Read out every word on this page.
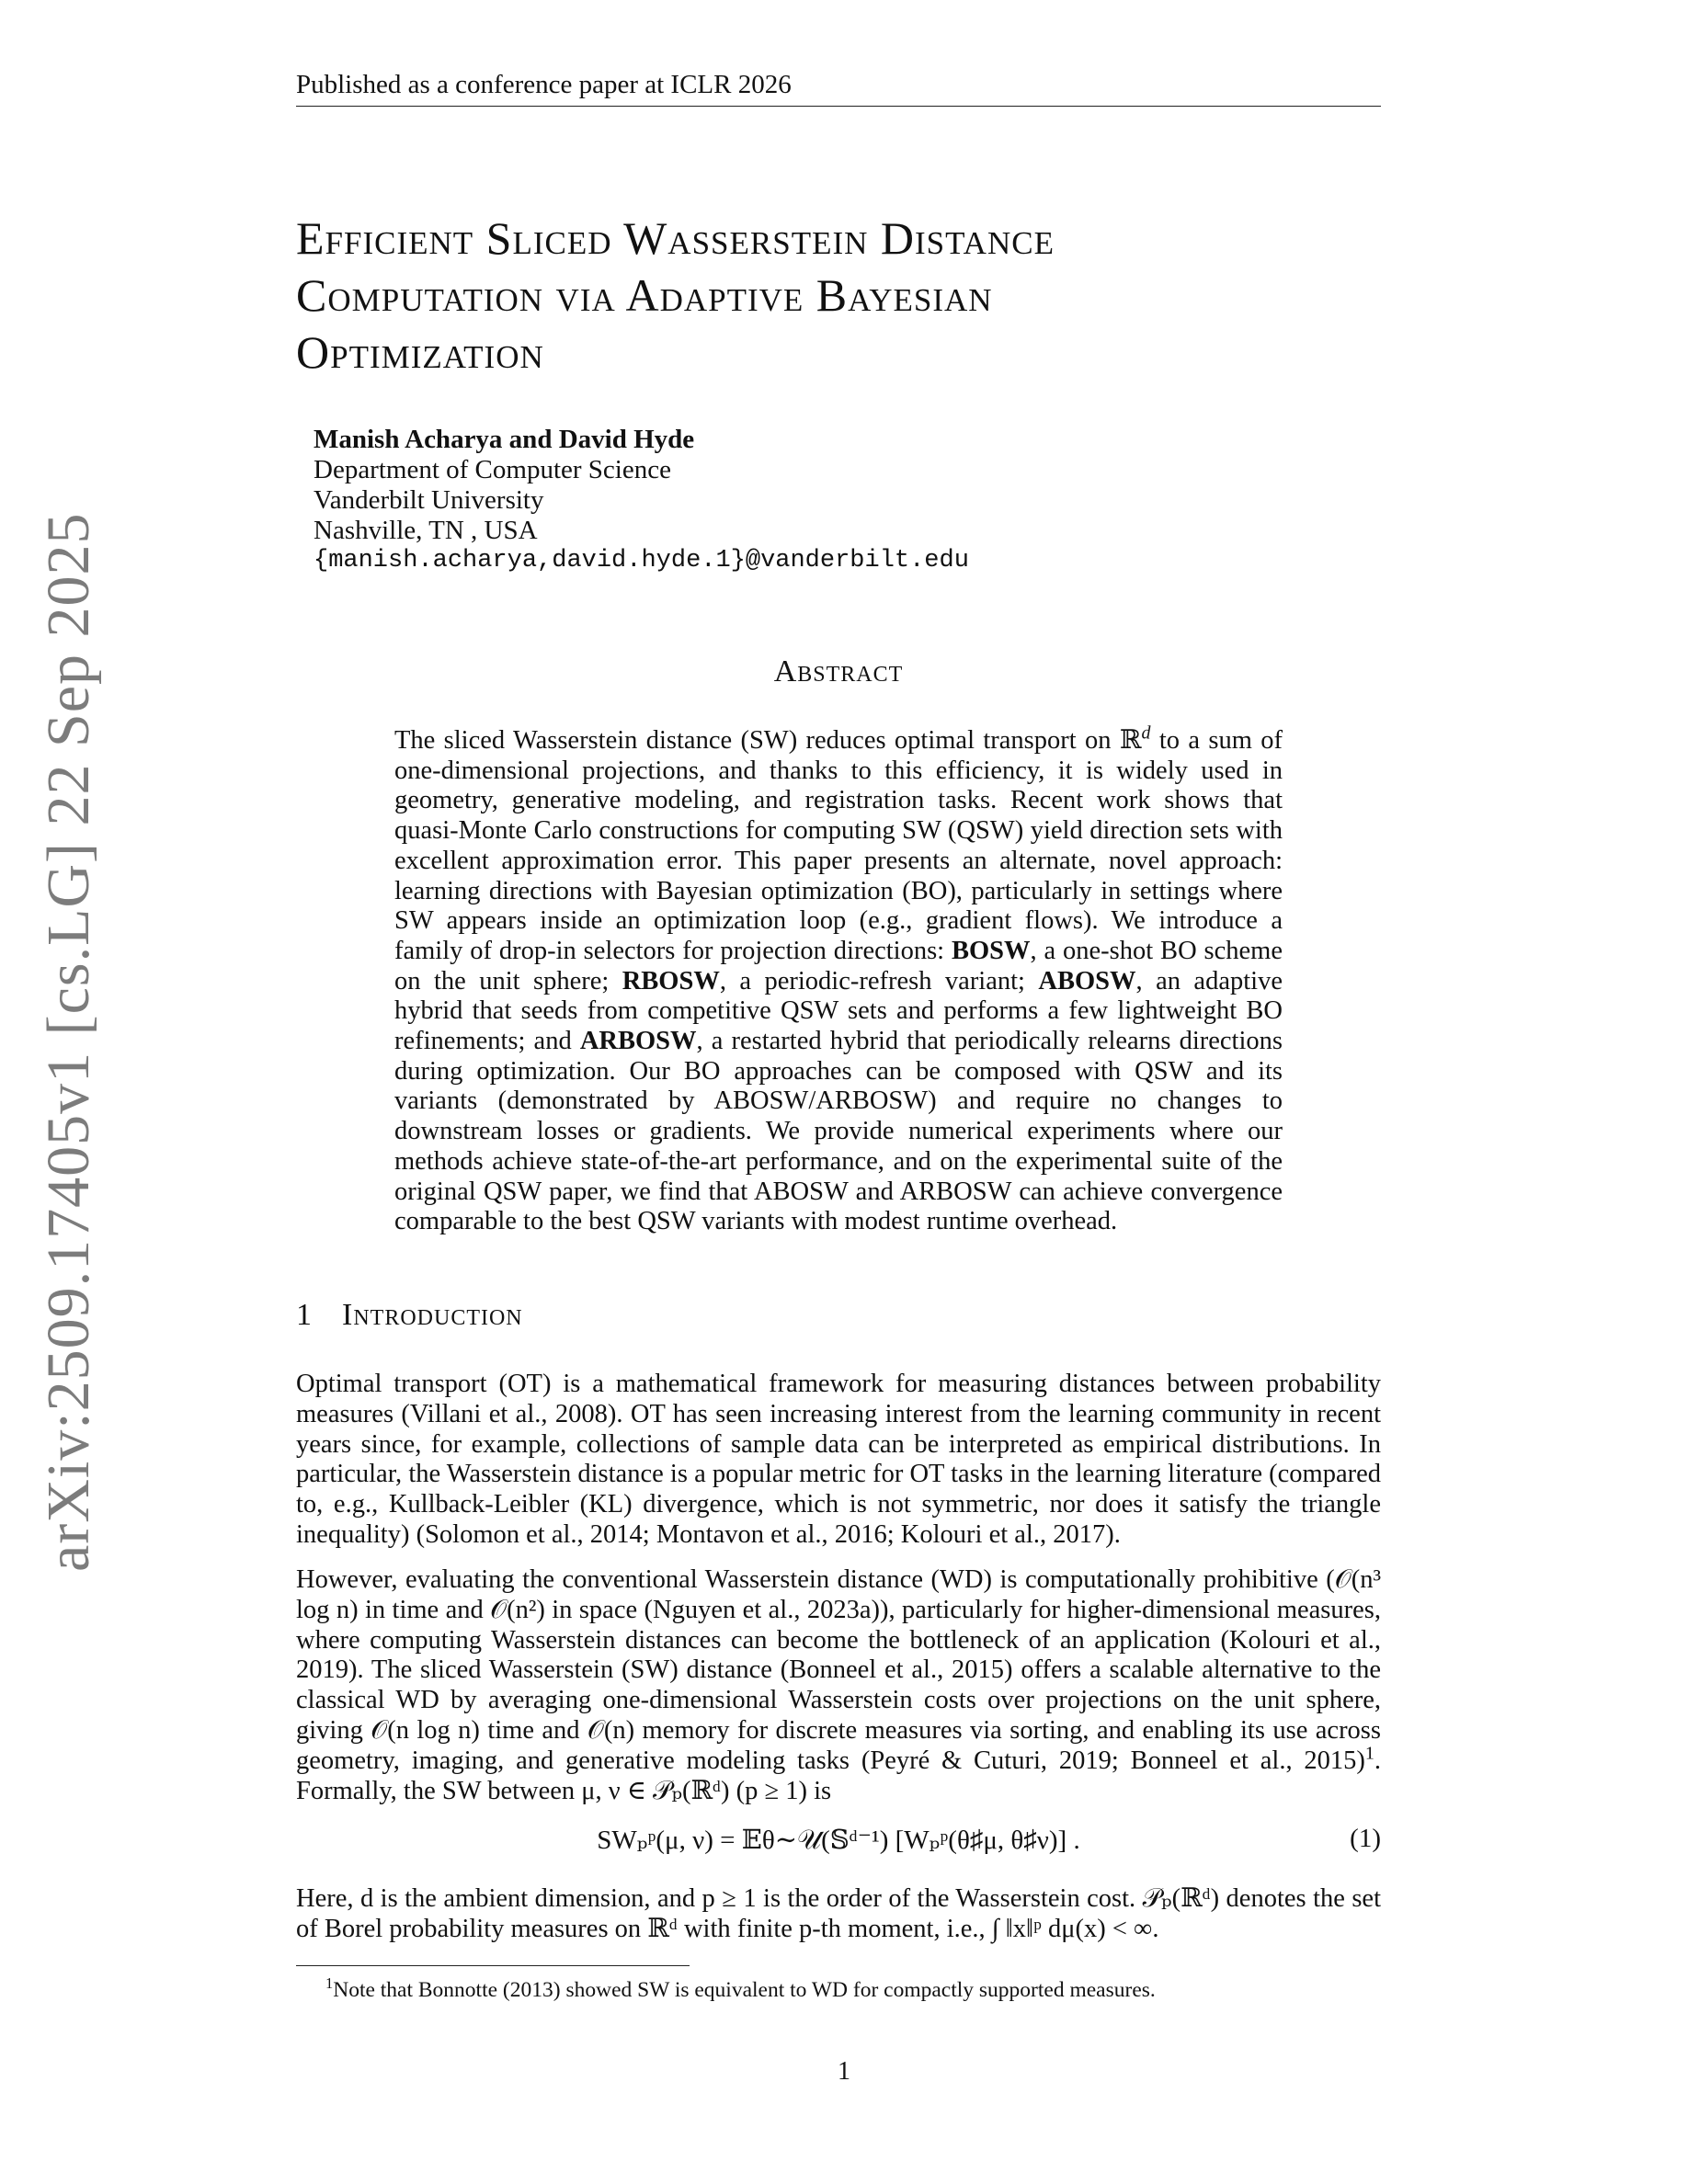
Published as a conference paper at ICLR 2026
arXiv:2509.17405v1 [cs.LG] 22 Sep 2025
Efficient Sliced Wasserstein Distance
Computation via Adaptive Bayesian
Optimization
Manish Acharya and David Hyde
Department of Computer Science
Vanderbilt University
Nashville, TN , USA
{manish.acharya,david.hyde.1}@vanderbilt.edu
Abstract
The sliced Wasserstein distance (SW) reduces optimal transport on ℝ$^d$ to a sum of one-dimensional projections, and thanks to this efficiency, it is widely used in geometry, generative modeling, and registration tasks. Recent work shows that quasi-Monte Carlo constructions for computing SW (QSW) yield direction sets with excellent approximation error. This paper presents an alternate, novel approach: learning directions with Bayesian optimization (BO), particularly in settings where SW appears inside an optimization loop (e.g., gradient flows). We introduce a family of drop-in selectors for projection directions: BOSW, a one-shot BO scheme on the unit sphere; RBOSW, a periodic-refresh variant; ABOSW, an adaptive hybrid that seeds from competitive QSW sets and performs a few lightweight BO refinements; and ARBOSW, a restarted hybrid that periodically relearns directions during optimization. Our BO approaches can be composed with QSW and its variants (demonstrated by ABOSW/ARBOSW) and require no changes to downstream losses or gradients. We provide numerical experiments where our methods achieve state-of-the-art performance, and on the experimental suite of the original QSW paper, we find that ABOSW and ARBOSW can achieve convergence comparable to the best QSW variants with modest runtime overhead.
1 Introduction
Optimal transport (OT) is a mathematical framework for measuring distances between probability measures (Villani et al., 2008). OT has seen increasing interest from the learning community in recent years since, for example, collections of sample data can be interpreted as empirical distributions. In particular, the Wasserstein distance is a popular metric for OT tasks in the learning literature (compared to, e.g., Kullback-Leibler (KL) divergence, which is not symmetric, nor does it satisfy the triangle inequality) (Solomon et al., 2014; Montavon et al., 2016; Kolouri et al., 2017).
However, evaluating the conventional Wasserstein distance (WD) is computationally prohibitive (𝒪(n³ log n) in time and 𝒪(n²) in space (Nguyen et al., 2023a)), particularly for higher-dimensional measures, where computing Wasserstein distances can become the bottleneck of an application (Kolouri et al., 2019). The sliced Wasserstein (SW) distance (Bonneel et al., 2015) offers a scalable alternative to the classical WD by averaging one-dimensional Wasserstein costs over projections on the unit sphere, giving 𝒪(n log n) time and 𝒪(n) memory for discrete measures via sorting, and enabling its use across geometry, imaging, and generative modeling tasks (Peyré & Cuturi, 2019; Bonneel et al., 2015)$^1$. Formally, the SW between μ, ν ∈ 𝒫ₚ(ℝᵈ) (p ≥ 1) is
SWₚᵖ(μ, ν) = 𝔼θ∼𝒰(𝕊ᵈ⁻¹) [Wₚᵖ(θ♯μ, θ♯ν)] .	(1)
Here, d is the ambient dimension, and p ≥ 1 is the order of the Wasserstein cost. 𝒫ₚ(ℝᵈ) denotes the set of Borel probability measures on ℝᵈ with finite p-th moment, i.e., ∫ ‖x‖ᵖ dμ(x) < ∞.
$^1$Note that Bonnotte (2013) showed SW is equivalent to WD for compactly supported measures.
1
